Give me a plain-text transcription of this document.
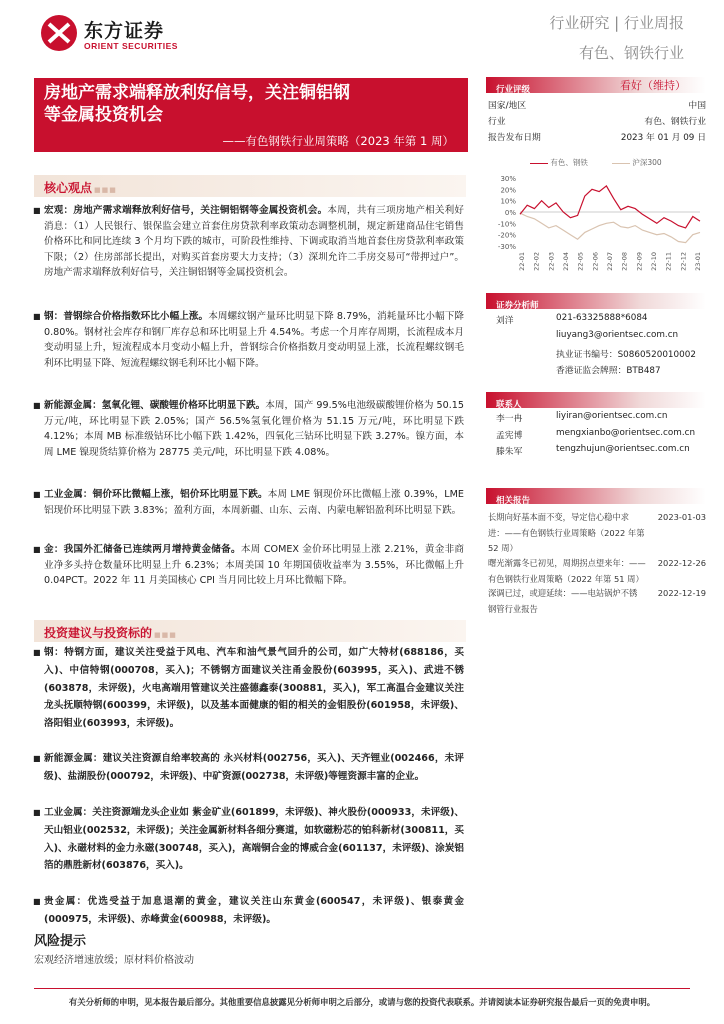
东方证券
ORIENT SECURITIES
行业研究 | 行业周报
有色、钢铁行业
房地产需求端释放利好信号，关注铜铝钢
等金属投资机会
——有色钢铁行业周策略（2023 年第 1 周）
核心观点 ■■■
■ 宏观：房地产需求端释放利好信号，关注铜铝钢等金属投资机会。本周，共有三项房地产相关利好消息：（1）人民银行、银保监会建立首套住房贷款利率政策动态调整机制，规定新建商品住宅销售价格环比和同比连续 3 个月均下跌的城市，可阶段性维持、下调或取消当地首套住房贷款利率政策下限；（2）住房部部长提出，对购买首套房要大力支持；（3）深圳允许二手房交易可“带押过户”。房地产需求端释放利好信号，关注铜铝钢等金属投资机会。
■ 钢：普钢综合价格指数环比小幅上涨。本周螺纹钢产量环比明显下降 8.79%，消耗量环比小幅下降 0.80%。钢材社会库存和钢厂库存总和环比明显上升 4.54%。考虑一个月库存周期，长流程成本月变动明显上升，短流程成本月变动小幅上升，普钢综合价格指数月变动明显上涨，长流程螺纹钢毛利环比明显下降、短流程螺纹钢毛利环比小幅下降。
■ 新能源金属：氢氧化锂、碳酸锂价格环比明显下跌。本周，国产 99.5%电池级碳酸锂价格为 50.15 万元/吨，环比明显下跌 2.05%；国产 56.5%氢氧化锂价格为 51.15 万元/吨，环比明显下跌 4.12%；本周 MB 标准级钴环比小幅下跌 1.42%，四氧化三钴环比明显下跌 3.27%。镍方面，本周 LME 镍现货结算价格为 28775 美元/吨，环比明显下跌 4.08%。
■ 工业金属：铜价环比微幅上涨，铝价环比明显下跌。本周 LME 铜现价环比微幅上涨 0.39%，LME 铝现价环比明显下跌 3.83%；盈利方面，本周新疆、山东、云南、内蒙电解铝盈利环比明显下跌。
■ 金：我国外汇储备已连续两月增持黄金储备。本周 COMEX 金价环比明显上涨 2.21%，黄金非商业净多头持仓数量环比明显上升 6.23%；本周美国 10 年期国债收益率为 3.55%，环比微幅上升 0.04PCT。2022 年 11 月美国核心 CPI 当月同比较上月环比微幅下降。
投资建议与投资标的 ■■■
■ 钢：特钢方面，建议关注受益于风电、汽车和油气景气回升的公司，如广大特材(688186，买入)、中信特钢(000708，买入)；不锈钢方面建议关注甬金股份(603995，买入)、武进不锈(603878，未评级)，火电高端用管建议关注盛德鑫泰(300881，买入)，军工高温合金建议关注龙头抚顺特钢(600399，未评级)，以及基本面健康的钼的相关的金钼股份(601958，未评级)、洛阳钼业(603993，未评级)。
■ 新能源金属：建议关注资源自给率较高的 永兴材料(002756，买入)、天齐锂业(002466，未评级)、盐湖股份(000792，未评级)、中矿资源(002738，未评级)等锂资源丰富的企业。
■ 工业金属：关注资源端龙头企业如 紫金矿业(601899，未评级)、神火股份(000933，未评级)、天山铝业(002532，未评级)；关注金属新材料各细分赛道，如软磁粉芯的铂科新材(300811，买入)、永磁材料的金力永磁(300748，买入)，高端铜合金的博威合金(601137，未评级)、涂炭铝箔的鼎胜新材(603876，买入)。
■ 贵金属：优选受益于加息退潮的黄金，建议关注山东黄金(600547，未评级)、银泰黄金(000975，未评级)、赤峰黄金(600988，未评级)。
风险提示
宏观经济增速放缓；原材料价格波动
有关分析师的申明，见本报告最后部分。其他重要信息披露见分析师申明之后部分，或请与您的投资代表联系。并请阅读本证券研究报告最后一页的免责申明。
行业评级	看好（维持）
国家/地区	中国
行业	有色、钢铁行业
报告发布日期	2023 年 01 月 09 日
有色、钢铁	沪深300
30%
20%
10%
0%
-10%
-20%
-30%
22-01 22-02 22-03 22-04 22-05 22-06 22-07 22-08 22-09 22-10 22-11 22-12 23-01
证券分析师
刘洋	021-63325888*6084
liuyang3@orientsec.com.cn
执业证书编号：S0860520010002
香港证监会牌照：BTB487
联系人
李一冉	liyiran@orientsec.com.cn
孟宪博	mengxianbo@orientsec.com.cn
滕朱军	tengzhujun@orientsec.com.cn
相关报告
长期向好基本面不变，导定信心稳中求
进：——有色钢铁行业周策略（2022 年第
52 周）
2023-01-03
曙光渐露冬已初见，周期拐点望来年：——
有色钢铁行业周策略（2022 年第 51 周）
2022-12-26
深调已过，或迎延续：——电站锅炉不锈
钢管行业报告
2022-12-19
